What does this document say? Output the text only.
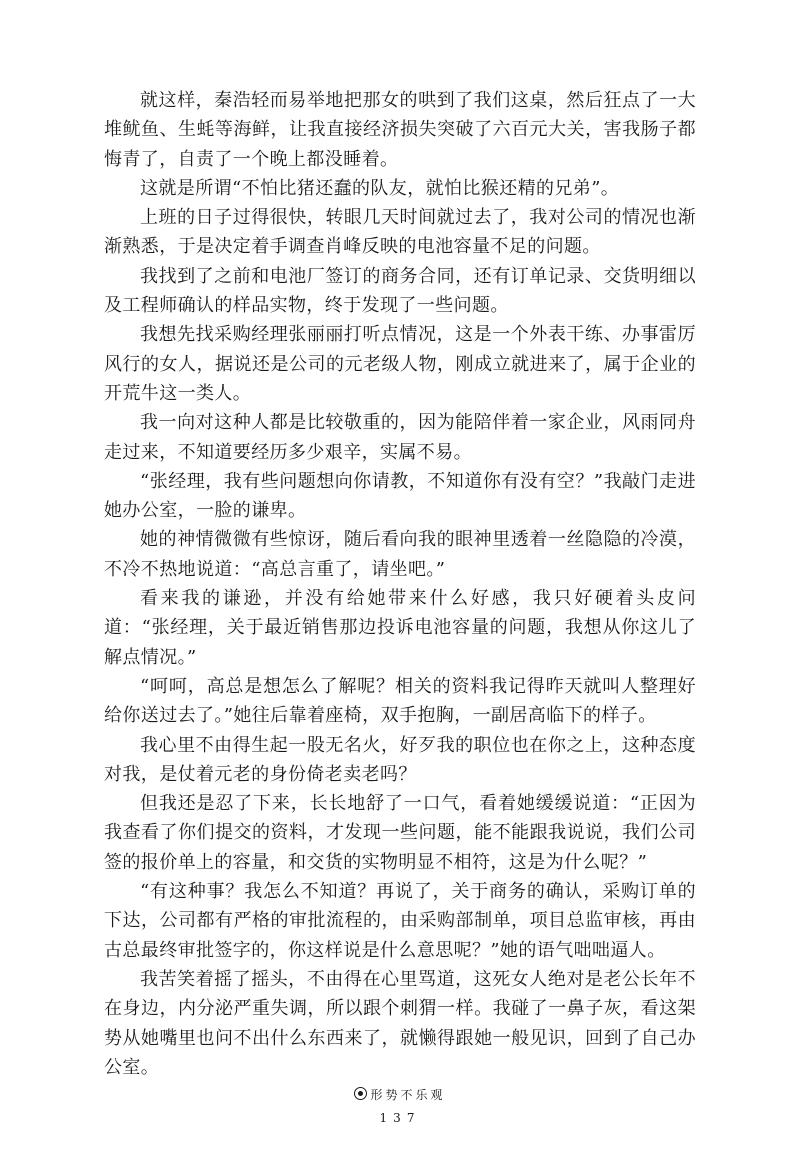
就这样，秦浩轻而易举地把那女的哄到了我们这桌，然后狂点了一大堆鱿鱼、生蚝等海鲜，让我直接经济损失突破了六百元大关，害我肠子都悔青了，自责了一个晚上都没睡着。

这就是所谓“不怕比猪还蠢的队友，就怕比猴还精的兄弟”。

上班的日子过得很快，转眼几天时间就过去了，我对公司的情况也渐渐熟悉，于是决定着手调查肖峰反映的电池容量不足的问题。

我找到了之前和电池厂签订的商务合同，还有订单记录、交货明细以及工程师确认的样品实物，终于发现了一些问题。

我想先找采购经理张丽丽打听点情况，这是一个外表干练、办事雷厉风行的女人，据说还是公司的元老级人物，刚成立就进来了，属于企业的开荒牛这一类人。

我一向对这种人都是比较敬重的，因为能陪伴着一家企业，风雨同舟走过来，不知道要经历多少艰辛，实属不易。

“张经理，我有些问题想向你请教，不知道你有没有空？”我敲门走进她办公室，一脸的谦卑。

她的神情微微有些惊讶，随后看向我的眼神里透着一丝隐隐的冷漠，不冷不热地说道：“高总言重了，请坐吧。”

看来我的谦逊，并没有给她带来什么好感，我只好硬着头皮问道：“张经理，关于最近销售那边投诉电池容量的问题，我想从你这儿了解点情况。”

“呵呵，高总是想怎么了解呢？相关的资料我记得昨天就叫人整理好给你送过去了。”她往后靠着座椅，双手抱胸，一副居高临下的样子。

我心里不由得生起一股无名火，好歹我的职位也在你之上，这种态度对我，是仗着元老的身份倚老卖老吗？

但我还是忍了下来，长长地舒了一口气，看着她缓缓说道：“正因为我查看了你们提交的资料，才发现一些问题，能不能跟我说说，我们公司签的报价单上的容量，和交货的实物明显不相符，这是为什么呢？”

“有这种事？我怎么不知道？再说了，关于商务的确认，采购订单的下达，公司都有严格的审批流程的，由采购部制单，项目总监审核，再由古总最终审批签字的，你这样说是什么意思呢？”她的语气咄咄逼人。

我苦笑着摇了摇头，不由得在心里骂道，这死女人绝对是老公长年不在身边，内分泌严重失调，所以跟个刺猬一样。我碰了一鼻子灰，看这架势从她嘴里也问不出什么东西来了，就懒得跟她一般见识，回到了自己办公室。

形势不乐观
137
